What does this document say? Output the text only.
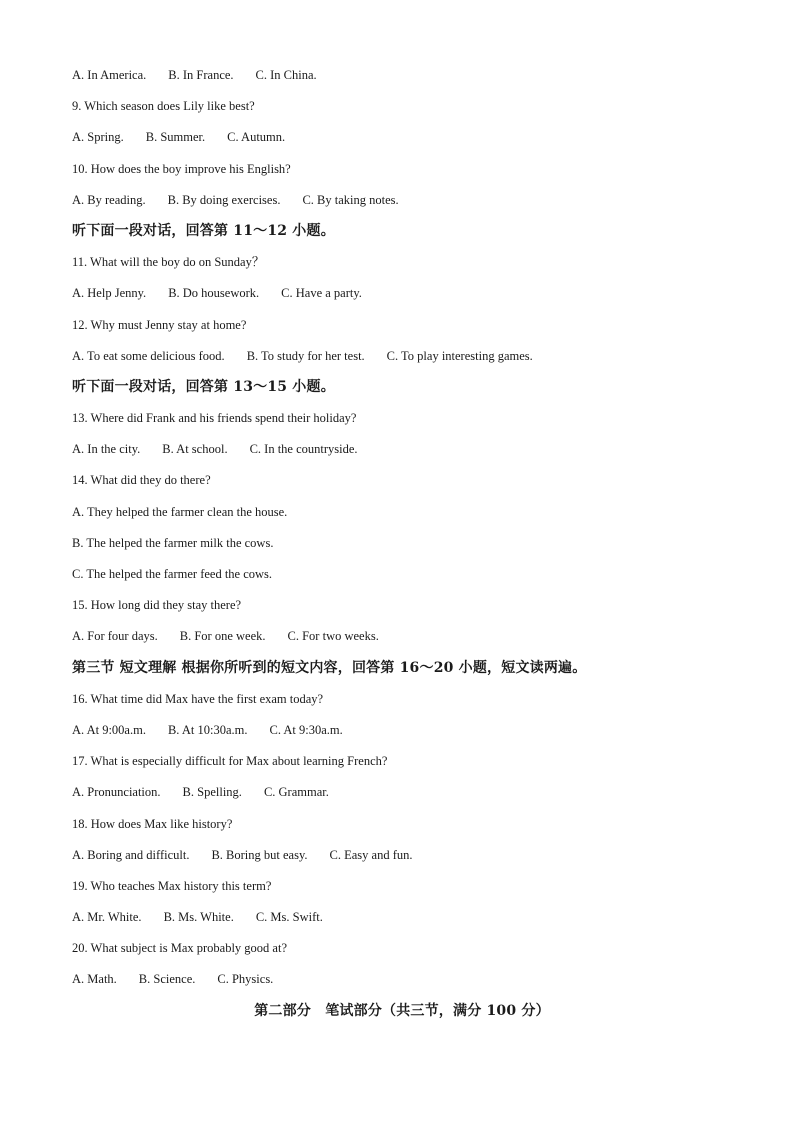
A. In America. B. In France. C. In China.
9. Which season does Lily like best?
A. Spring. B. Summer. C. Autumn.
10. How does the boy improve his English?
A. By reading. B. By doing exercises. C. By taking notes.
听下面一段对话，回答第 11～12 小题。
11. What will the boy do on Sunday？
A. Help Jenny. B. Do housework. C. Have a party.
12. Why must Jenny stay at home?
A. To eat some delicious food. B. To study for her test. C. To play interesting games.
听下面一段对话，回答第 13～15 小题。
13. Where did Frank and his friends spend their holiday?
A. In the city. B. At school. C. In the countryside.
14. What did they do there?
A. They helped the farmer clean the house.
B. The helped the farmer milk the cows.
C. The helped the farmer feed the cows.
15. How long did they stay there?
A. For four days. B. For one week. C. For two weeks.
第三节 短文理解 根据你所听到的短文内容，回答第 16～20 小题，短文读两遍。
16. What time did Max have the first exam today?
A. At 9:00a.m. B. At 10:30a.m. C. At 9:30a.m.
17. What is especially difficult for Max about learning French?
A. Pronunciation. B. Spelling. C. Grammar.
18. How does Max like history?
A. Boring and difficult. B. Boring but easy. C. Easy and fun.
19. Who teaches Max history this term?
A. Mr. White. B. Ms. White. C. Ms. Swift.
20. What subject is Max probably good at?
A. Math. B. Science. C. Physics.
第二部分　笔试部分（共三节，满分 100 分）
